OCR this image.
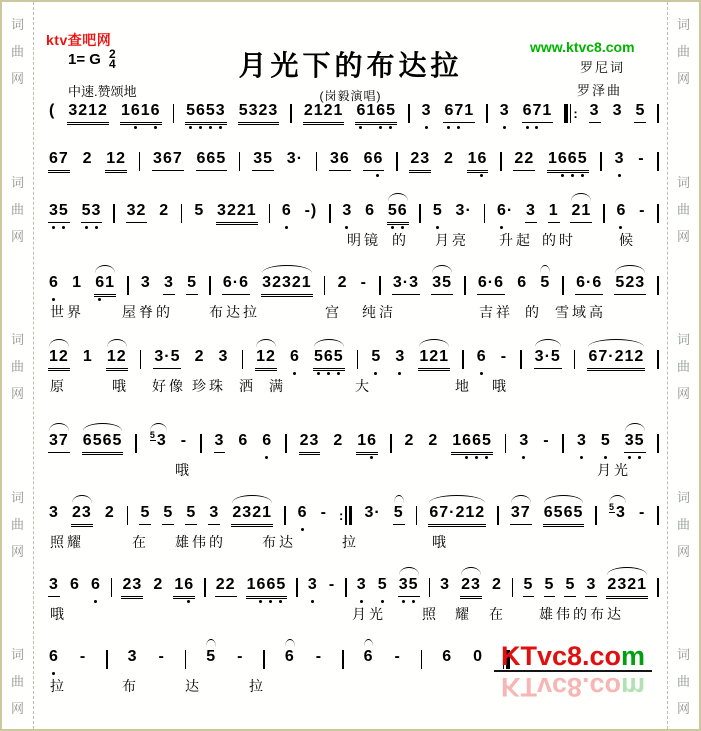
词
曲
网
词
曲
网
词
曲
网
词
曲
网
词
曲
网
词
曲
网
词
曲
网
词
曲
网
词
曲
网
词
曲
网
ktv查吧网
1= G 2
4
中速.赞颂地
月光下的布达拉
(岗毅演唱)
www.ktvc8.com
罗尼词
罗泽曲
( 3212 1616 5653 5323 2121 6165 3 671 3 671 : 3 3 5
67 2 12 367 665 35 3· 36 66 23 2 16 22 1665 3 -
35 53 32 2 5 3221 6 -) 3 6 56 5 3· 6· 3 1 21 6 -
明镜 的 月亮 升起 的时	候
6 1 61 3 3 5 6·6 32321 2 - 3·3 35 6·6 6 5 6·6 523
世界	屋脊的	布达拉	宫 纯洁	吉祥 的 雪域高
12 1 12 3·5 2 3 12 6 565 5 3 121 6 - 3·5 67·212
原	哦 好像 珍珠 洒 满	大	地 哦
37 6565	$^5$3 - 3 6 6 23 2 16 2 2 1665 3 - 3 5 35
哦	月光
3 23 2 5 5 5 3 2321 6 - : 3· 5 67·212 37 6565	$^5$3 -
照耀	在 雄伟的	布达	拉	哦
3 6 6 23 2 16 22 1665 3 - 3 5 35 3 23 2 5 5 5 3 2321
哦	月光	照 耀 在 雄伟的布达
6 -	3 -	5 -	6 -	6 -	6 0
拉	布	达	拉
KTvc8.com
KTvc8.com
